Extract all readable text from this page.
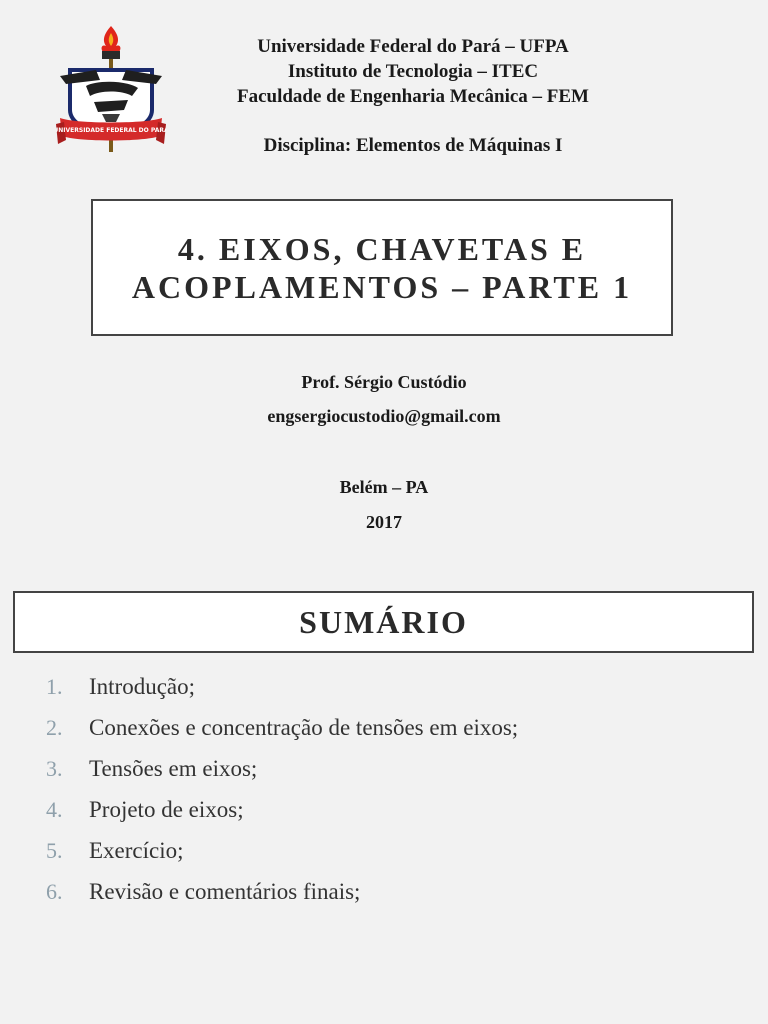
UNIVERSIDADE FEDERAL DO PARÁ
Universidade Federal do Pará – UFPA
Instituto de Tecnologia – ITEC
Faculdade de Engenharia Mecânica – FEM
Disciplina: Elementos de Máquinas I
4. EIXOS, CHAVETAS E
ACOPLAMENTOS – PARTE 1
Prof. Sérgio Custódio
engsergiocustodio@gmail.com
Belém – PA
2017
SUMÁRIO
1.	Introdução;
2.	Conexões e concentração de tensões em eixos;
3.	Tensões em eixos;
4.	Projeto de eixos;
5.	Exercício;
6.	Revisão e comentários finais;
